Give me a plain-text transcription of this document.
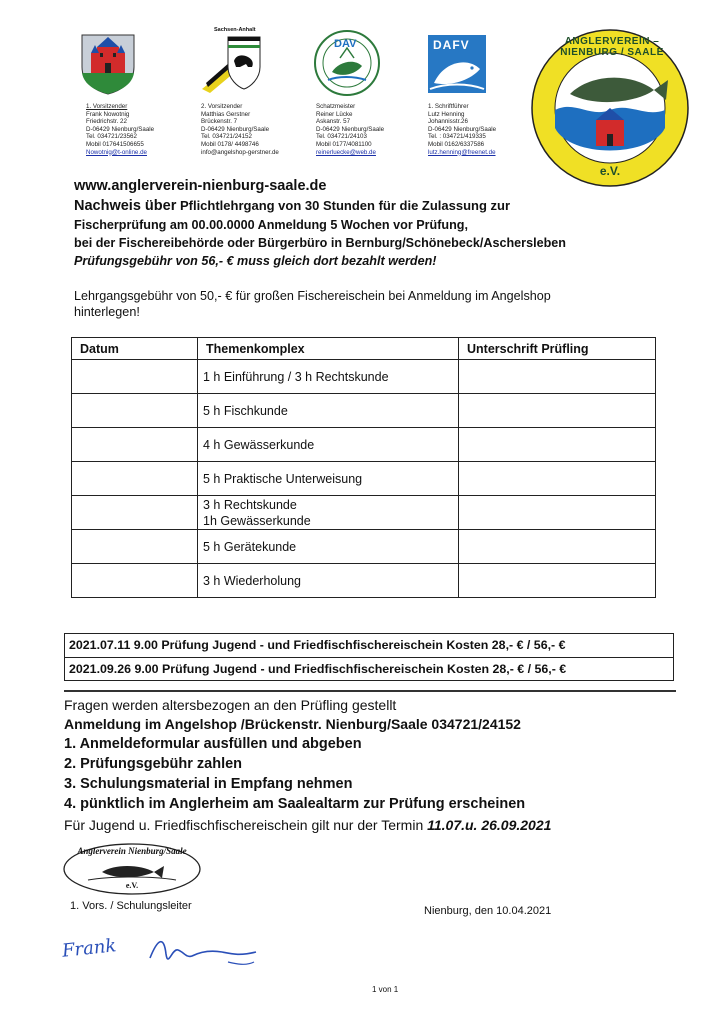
Sachsen-Anhalt
DAV	DAFV	ANGLERVEREIN – NIENBURG / SAALE
e.V.
1. Vorsitzender
Frank Nowotnig
Friedrichstr. 22
D-06429 Nienburg/Saale
Tel. 034721/23562
Mobil 017641506655
Nowotnig@t-online.de
2. Vorsitzender
Matthias Gerstner
Brückenstr. 7
D-06429 Nienburg/Saale
Tel. 034721/24152
Mobil 0178/ 4498746
info@angelshop-gerstner.de
Schatzmeister
Reiner Lücke
Askanstr. 57
D-06429 Nienburg/Saale
Tel. 034721/24103
Mobil 0177/4081100
reinerluecke@web.de
1. Schriftführer
Lutz Henning
Johannisstr.26
D-06429 Nienburg/Saale
Tel. : 034721/419335
Mobil 0162/6337586
lutz.henning@freenet.de
www.anglerverein-nienburg-saale.de
Nachweis über Pflichtlehrgang von 30 Stunden für die Zulassung zur
Fischerprüfung am 00.00.0000 Anmeldung 5 Wochen vor Prüfung,
bei der Fischereibehörde oder Bürgerbüro in Bernburg/Schönebeck/Aschersleben
Prüfungsgebühr von 56,- € muss gleich dort bezahlt werden!
Lehrgangsgebühr von 50,- € für großen Fischereischein bei Anmeldung im Angelshop
hinterlegen!
Datum	Themenkomplex	Unterschrift Prüfling
	1 h Einführung / 3 h Rechtskunde	
	5 h Fischkunde	
	4 h Gewässerkunde	
	5 h Praktische Unterweisung	

	3 h Rechtskunde
1h Gewässerkunde	

	5 h Gerätekunde	
	3 h Wiederholung	
2021.07.11 9.00 Prüfung Jugend - und Friedfischfischereischein Kosten 28,- € / 56,- €
2021.09.26 9.00 Prüfung Jugend - und Friedfischfischereischein Kosten 28,- € / 56,- €
Fragen werden altersbezogen an den Prüfling gestellt
Anmeldung im Angelshop /Brückenstr. Nienburg/Saale 034721/24152
1. Anmeldeformular ausfüllen und abgeben
2. Prüfungsgebühr zahlen
3. Schulungsmaterial in Empfang nehmen
4. pünktlich im Anglerheim am Saalealtarm zur Prüfung erscheinen
Für Jugend u. Friedfischfischereischein gilt nur der Termin 11.07.u. 26.09.2021
Anglerverein Nienburg/Saale
e.V.
1. Vors. / Schulungsleiter	Nienburg, den 10.04.2021
Frank
1 von 1
